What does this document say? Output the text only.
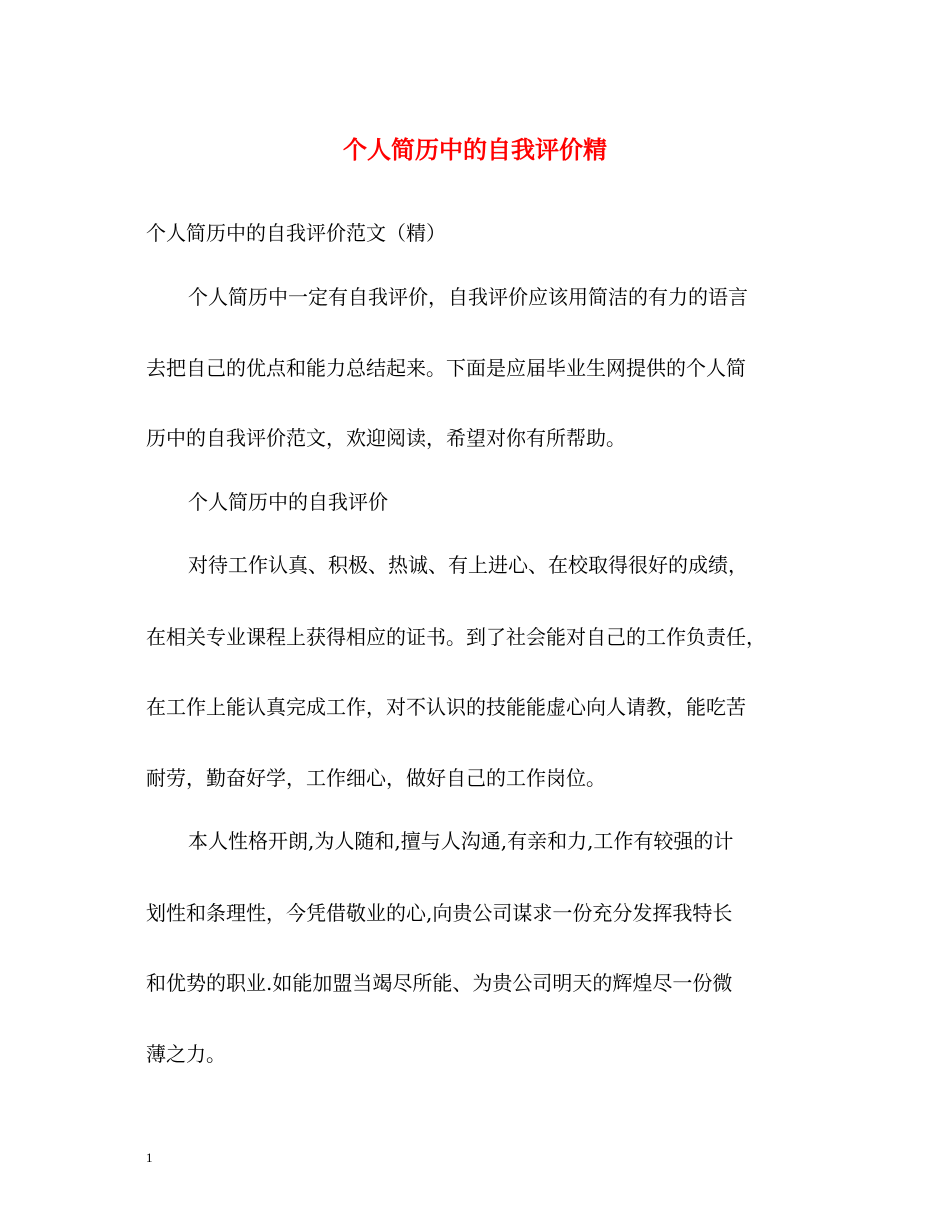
个人简历中的自我评价精

个人简历中的自我评价范文（精）

个人简历中一定有自我评价，自我评价应该用简洁的有力的语言

去把自己的优点和能力总结起来。下面是应届毕业生网提供的个人简

历中的自我评价范文，欢迎阅读，希望对你有所帮助。

个人简历中的自我评价

对待工作认真、积极、热诚、有上进心、在校取得很好的成绩，

在相关专业课程上获得相应的证书。到了社会能对自己的工作负责任，

在工作上能认真完成工作，对不认识的技能能虚心向人请教，能吃苦

耐劳，勤奋好学，工作细心，做好自己的工作岗位。

本人性格开朗,为人随和,擅与人沟通,有亲和力,工作有较强的计

划性和条理性，今凭借敬业的心,向贵公司谋求一份充分发挥我特长

和优势的职业.如能加盟当竭尽所能、为贵公司明天的辉煌尽一份微

薄之力。

1
